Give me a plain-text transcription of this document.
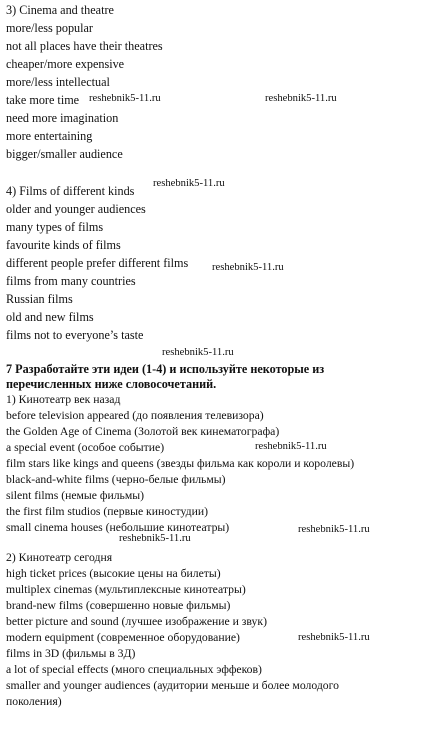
3) Cinema and theatre
more/less popular
not all places have their theatres
cheaper/more expensive
more/less intellectual
take more time reshebnik5-11.ru	reshebnik5-11.ru
need more imagination
more entertaining
bigger/smaller audience
4) Films of different kinds
reshebnik5-11.ru
older and younger audiences
many types of films
favourite kinds of films
different people prefer different films reshebnik5-11.ru
films from many countries
Russian films
old and new films
films not to everyone’s taste
reshebnik5-11.ru
7 Разработайте эти идеи (1-4) и используйте некоторые из
перечисленных ниже словосочетаний.
1) Кинотеатр век назад
before television appeared (до появления телевизора)
the Golden Age of Cinema (Золотой век кинематографа)
a special event (особое событие)	reshebnik5-11.ru
film stars like kings and queens (звезды фильма как короли и королевы)
black-and-white films (черно-белые фильмы)
silent films (немые фильмы)
the first film studios (первые киностудии)
small cinema houses (небольшие кинотеатры)	reshebnik5-11.ru
reshebnik5-11.ru
2) Кинотеатр сегодня
high ticket prices (высокие цены на билеты)
multiplex cinemas (мультиплексные кинотеатры)
brand-new films (совершенно новые фильмы)
better picture and sound (лучшее изображение и звук)
modern equipment (современное оборудование)	reshebnik5-11.ru
films in 3D (фильмы в 3Д)
a lot of special effects (много специальных эффеков)
smaller and younger audiences (аудитории меньше и более молодого
поколения)
